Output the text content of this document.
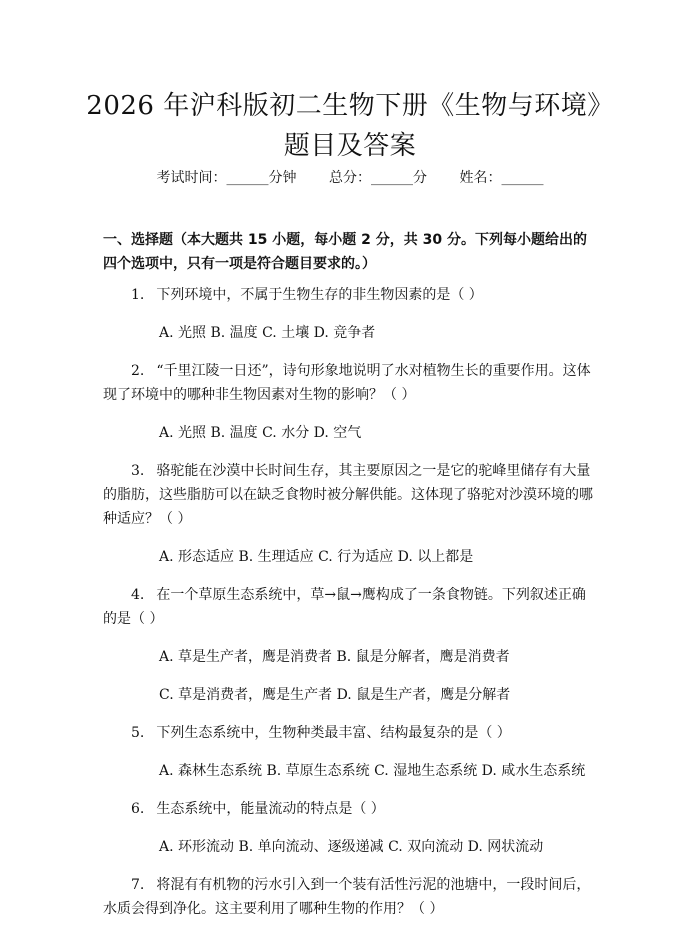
2026 年沪科版初二生物下册《生物与环境》
题目及答案
考试时间：______分钟 总分：______分 姓名：______
一、选择题（本大题共 15 小题，每小题 2 分，共 30 分。下列每小题给出的四个选项中，只有一项是符合题目要求的。）
1. 下列环境中，不属于生物生存的非生物因素的是（ ）
A. 光照 B. 温度 C. 土壤 D. 竞争者
2. “千里江陵一日还”，诗句形象地说明了水对植物生长的重要作用。这体现了环境中的哪种非生物因素对生物的影响？（ ）
A. 光照 B. 温度 C. 水分 D. 空气
3. 骆驼能在沙漠中长时间生存，其主要原因之一是它的驼峰里储存有大量的脂肪，这些脂肪可以在缺乏食物时被分解供能。这体现了骆驼对沙漠环境的哪种适应？（ ）
A. 形态适应 B. 生理适应 C. 行为适应 D. 以上都是
4. 在一个草原生态系统中，草→鼠→鹰构成了一条食物链。下列叙述正确的是（ ）
A. 草是生产者，鹰是消费者 B. 鼠是分解者，鹰是消费者
C. 草是消费者，鹰是生产者 D. 鼠是生产者，鹰是分解者
5. 下列生态系统中，生物种类最丰富、结构最复杂的是（ ）
A. 森林生态系统 B. 草原生态系统 C. 湿地生态系统 D. 咸水生态系统
6. 生态系统中，能量流动的特点是（ ）
A. 环形流动 B. 单向流动、逐级递减 C. 双向流动 D. 网状流动
7. 将混有有机物的污水引入到一个装有活性污泥的池塘中，一段时间后，水质会得到净化。这主要利用了哪种生物的作用？（ ）
